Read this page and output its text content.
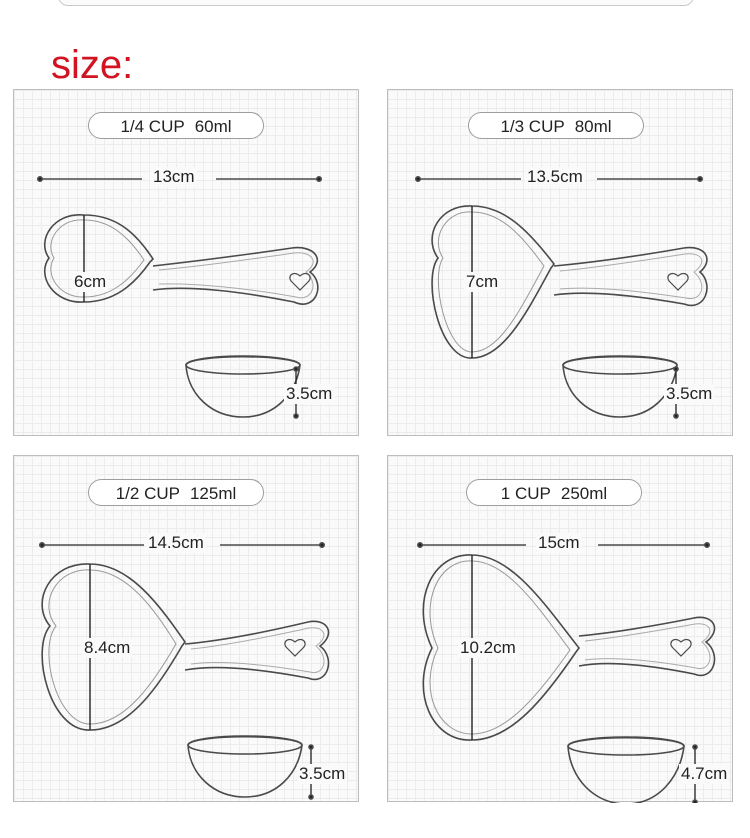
size:
1/4 CUP 60ml
13cm
6cm
3.5cm
1/3 CUP 80ml
13.5cm
7cm
3.5cm
1/2 CUP 125ml
14.5cm
8.4cm
3.5cm
1 CUP 250ml
15cm
10.2cm
4.7cm
